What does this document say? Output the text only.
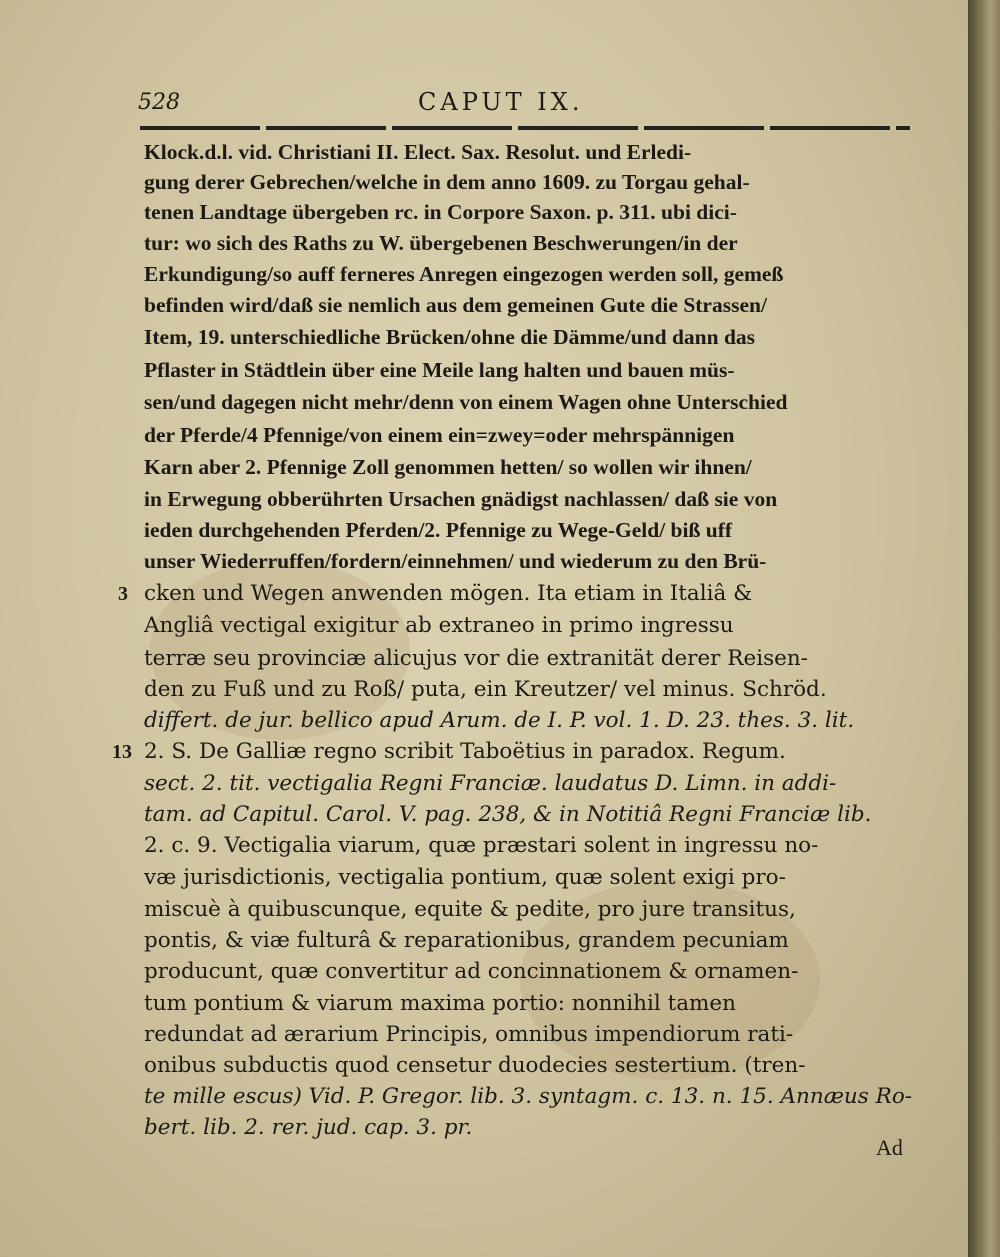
528	CAPUT IX.
Klock.d.l. vid. Christiani II. Elect. Sax. Resolut. und Erledi-
gung derer Gebrechen/welche in dem anno 1609. zu Torgau gehal-
tenen Landtage übergeben rc. in Corpore Saxon. p. 311. ubi dici-
tur: wo sich des Raths zu W. übergebenen Beschwerungen/in der
Erkundigung/so auff ferneres Anregen eingezogen werden soll, gemeß
befinden wird/daß sie nemlich aus dem gemeinen Gute die Strassen/
Item, 19. unterschiedliche Brücken/ohne die Dämme/und dann das
Pflaster in Städtlein über eine Meile lang halten und bauen müs-
sen/und dagegen nicht mehr/denn von einem Wagen ohne Unterschied
der Pferde/4 Pfennige/von einem ein=zwey=oder mehrspännigen
Karn aber 2. Pfennige Zoll genommen hetten/ so wollen wir ihnen/
in Erwegung obberührten Ursachen gnädigst nachlassen/ daß sie von
ieden durchgehenden Pferden/2. Pfennige zu Wege-Geld/ biß uff
unser Wiederruffen/fordern/einnehmen/ und wiederum zu den Brü-
cken und Wegen anwenden mögen. Ita etiam in Italiâ &
Angliâ vectigal exigitur ab extraneo in primo ingressu
terræ seu provinciæ alicujus vor die extranität derer Reisen-
den zu Fuß und zu Roß/ puta, ein Kreutzer/ vel minus. Schröd.
differt. de jur. bellico apud Arum. de I. P. vol. 1. D. 23. thes. 3. lit.
2. S. De Galliæ regno scribit Taboëtius in paradox. Regum.
sect. 2. tit. vectigalia Regni Franciæ. laudatus D. Limn. in addi-
tam. ad Capitul. Carol. V. pag. 238, & in Notitiâ Regni Franciæ lib.
2. c. 9. Vectigalia viarum, quæ præstari solent in ingressu no-
væ jurisdictionis, vectigalia pontium, quæ solent exigi pro-
miscuè à quibuscunque, equite & pedite, pro jure transitus,
pontis, & viæ fulturâ & reparationibus, grandem pecuniam
producunt, quæ convertitur ad concinnationem & ornamen-
tum pontium & viarum maxima portio: nonnihil tamen
redundat ad ærarium Principis, omnibus impendiorum rati-
onibus subductis quod censetur duodecies sestertium. (tren-
te mille escus) Vid. P. Gregor. lib. 3. syntagm. c. 13. n. 15. Annæus Ro-
bert. lib. 2. rer. jud. cap. 3. pr.
3
13
Ad
